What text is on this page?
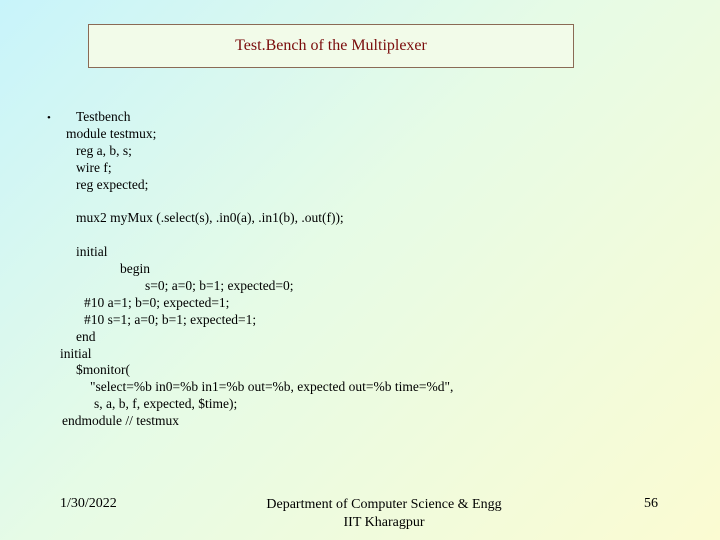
Test.Bench of the Multiplexer
• Testbench
module testmux;
reg a, b, s;
wire f;
reg expected;
mux2 myMux (.select(s), .in0(a), .in1(b), .out(f));
initial
begin
s=0; a=0; b=1; expected=0;
#10 a=1; b=0; expected=1;
#10 s=1; a=0; b=1; expected=1;
end
initial
$monitor(
"select=%b in0=%b in1=%b out=%b, expected out=%b time=%d",
s, a, b, f, expected, $time);
endmodule // testmux
1/30/2022	Department of Computer Science & Engg
IIT Kharagpur
56
